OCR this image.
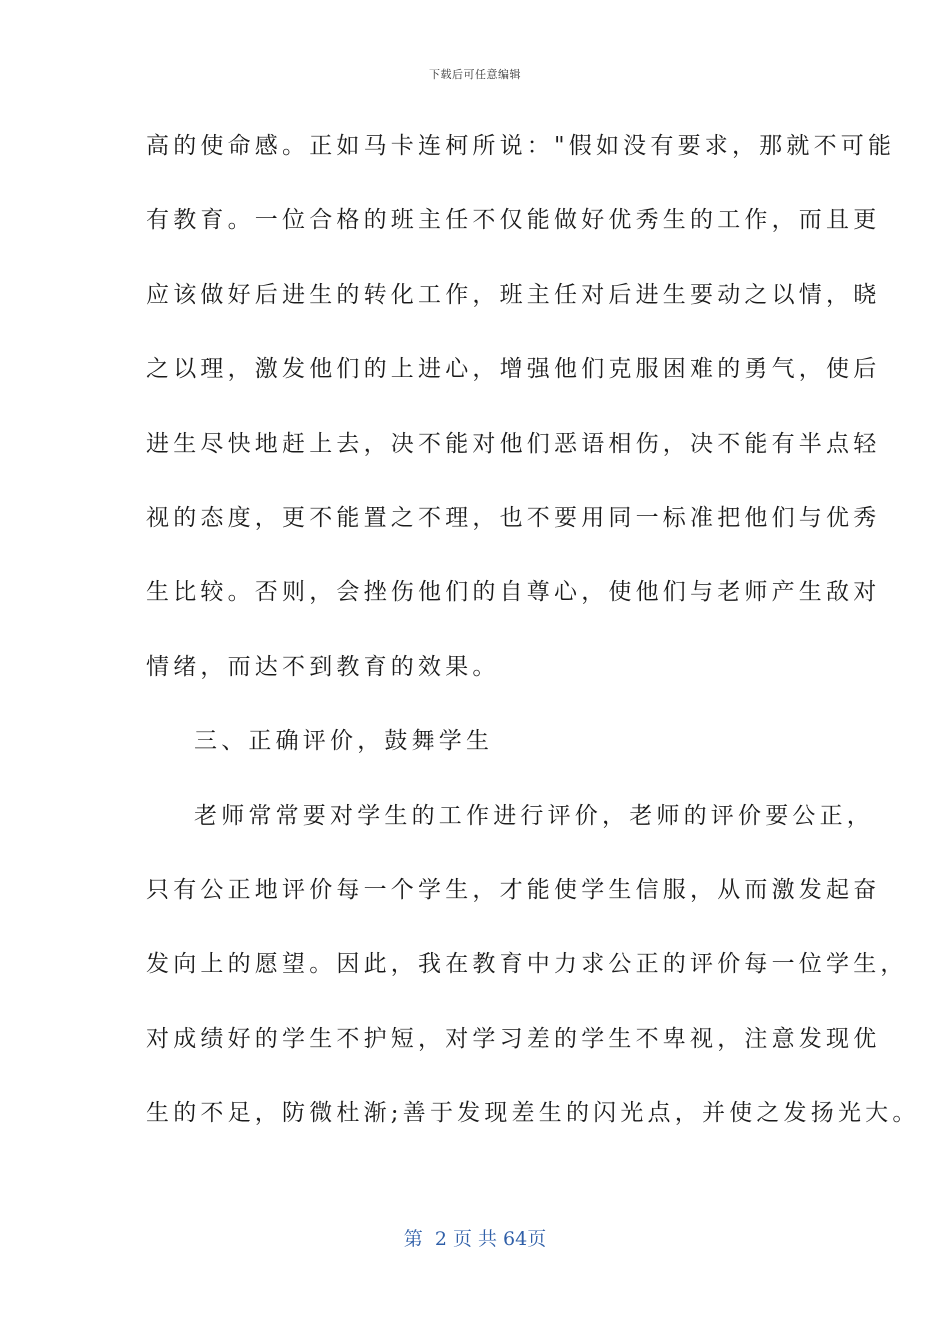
下载后可任意编辑
高的使命感。正如马卡连柯所说："假如没有要求，那就不可能
有教育。一位合格的班主任不仅能做好优秀生的工作，而且更
应该做好后进生的转化工作，班主任对后进生要动之以情，晓
之以理，激发他们的上进心，增强他们克服困难的勇气，使后
进生尽快地赶上去，决不能对他们恶语相伤，决不能有半点轻
视的态度，更不能置之不理，也不要用同一标准把他们与优秀
生比较。否则，会挫伤他们的自尊心，使他们与老师产生敌对
情绪，而达不到教育的效果。
三、正确评价，鼓舞学生
老师常常要对学生的工作进行评价，老师的评价要公正，
只有公正地评价每一个学生，才能使学生信服，从而激发起奋
发向上的愿望。因此，我在教育中力求公正的评价每一位学生，
对成绩好的学生不护短，对学习差的学生不卑视，注意发现优
生的不足，防微杜渐;善于发现差生的闪光点，并使之发扬光大。
第  2 页 共 64页
